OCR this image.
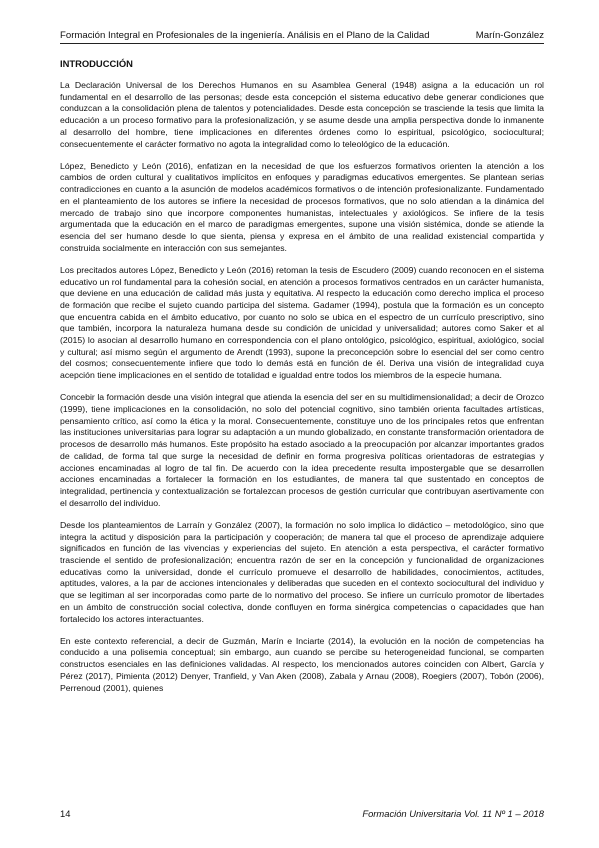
Formación Integral en Profesionales de la ingeniería. Análisis en el Plano de la Calidad	Marín-González
INTRODUCCIÓN

La Declaración Universal de los Derechos Humanos en su Asamblea General (1948) asigna a la educación un rol fundamental en el desarrollo de las personas; desde esta concepción el sistema educativo debe generar condiciones que conduzcan a la consolidación plena de talentos y potencialidades. Desde esta concepción se trasciende la tesis que limita la educación a un proceso formativo para la profesionalización, y se asume desde una amplia perspectiva donde lo inmanente al desarrollo del hombre, tiene implicaciones en diferentes órdenes como lo espiritual, psicológico, sociocultural; consecuentemente el carácter formativo no agota la integralidad como lo teleológico de la educación.

López, Benedicto y León (2016), enfatizan en la necesidad de que los esfuerzos formativos orienten la atención a los cambios de orden cultural y cualitativos implícitos en enfoques y paradigmas educativos emergentes. Se plantean serias contradicciones en cuanto a la asunción de modelos académicos formativos o de intención profesionalizante. Fundamentado en el planteamiento de los autores se infiere la necesidad de procesos formativos, que no solo atiendan a la dinámica del mercado de trabajo sino que incorpore componentes humanistas, intelectuales y axiológicos. Se infiere de la tesis argumentada que la educación en el marco de paradigmas emergentes, supone una visión sistémica, donde se atiende la esencia del ser humano desde lo que sienta, piensa y expresa en el ámbito de una realidad existencial compartida y construida socialmente en interacción con sus semejantes.

Los precitados autores López, Benedicto y León (2016) retoman la tesis de Escudero (2009) cuando reconocen en el sistema educativo un rol fundamental para la cohesión social, en atención a procesos formativos centrados en un carácter humanista, que deviene en una educación de calidad más justa y equitativa. Al respecto la educación como derecho implica el proceso de formación que recibe el sujeto cuando participa del sistema. Gadamer (1994), postula que la formación es un concepto que encuentra cabida en el ámbito educativo, por cuanto no solo se ubica en el espectro de un currículo prescriptivo, sino que también, incorpora la naturaleza humana desde su condición de unicidad y universalidad; autores como Saker et al (2015) lo asocian al desarrollo humano en correspondencia con el plano ontológico, psicológico, espiritual, axiológico, social y cultural; así mismo según el argumento de Arendt (1993), supone la preconcepción sobre lo esencial del ser como centro del cosmos; consecuentemente infiere que todo lo demás está en función de él. Deriva una visión de integralidad cuya acepción tiene implicaciones en el sentido de totalidad e igualdad entre todos los miembros de la especie humana.

Concebir la formación desde una visión integral que atienda la esencia del ser en su multidimensionalidad; a decir de Orozco (1999), tiene implicaciones en la consolidación, no solo del potencial cognitivo, sino también orienta facultades artísticas, pensamiento crítico, así como la ética y la moral. Consecuentemente, constituye uno de los principales retos que enfrentan las instituciones universitarias para lograr su adaptación a un mundo globalizado, en constante transformación orientadora de procesos de desarrollo más humanos. Este propósito ha estado asociado a la preocupación por alcanzar importantes grados de calidad, de forma tal que surge la necesidad de definir en forma progresiva políticas orientadoras de estrategias y acciones encaminadas al logro de tal fin. De acuerdo con la idea precedente resulta impostergable que se desarrollen acciones encaminadas a fortalecer la formación en los estudiantes, de manera tal que sustentado en conceptos de integralidad, pertinencia y contextualización se fortalezcan procesos de gestión curricular que contribuyan asertivamente con el desarrollo del individuo.

Desde los planteamientos de Larraín y González (2007), la formación no solo implica lo didáctico – metodológico, sino que integra la actitud y disposición para la participación y cooperación; de manera tal que el proceso de aprendizaje adquiere significados en función de las vivencias y experiencias del sujeto. En atención a esta perspectiva, el carácter formativo trasciende el sentido de profesionalización; encuentra razón de ser en la concepción y funcionalidad de organizaciones educativas como la universidad, donde el currículo promueve el desarrollo de habilidades, conocimientos, actitudes, aptitudes, valores, a la par de acciones intencionales y deliberadas que suceden en el contexto sociocultural del individuo y que se legitiman al ser incorporadas como parte de lo normativo del proceso. Se infiere un currículo promotor de libertades en un ámbito de construcción social colectiva, donde confluyen en forma sinérgica competencias o capacidades que han fortalecido los actores interactuantes.

En este contexto referencial, a decir de Guzmán, Marín e Inciarte (2014), la evolución en la noción de competencias ha conducido a una polisemia conceptual; sin embargo, aun cuando se percibe su heterogeneidad funcional, se comparten constructos esenciales en las definiciones validadas. Al respecto, los mencionados autores coinciden con Albert, García y Pérez (2017), Pimienta (2012) Denyer, Tranfield, y Van Aken (2008), Zabala y Arnau (2008), Roegiers (2007), Tobón (2006), Perrenoud (2001), quienes

14	Formación Universitaria Vol. 11 Nº 1 – 2018
